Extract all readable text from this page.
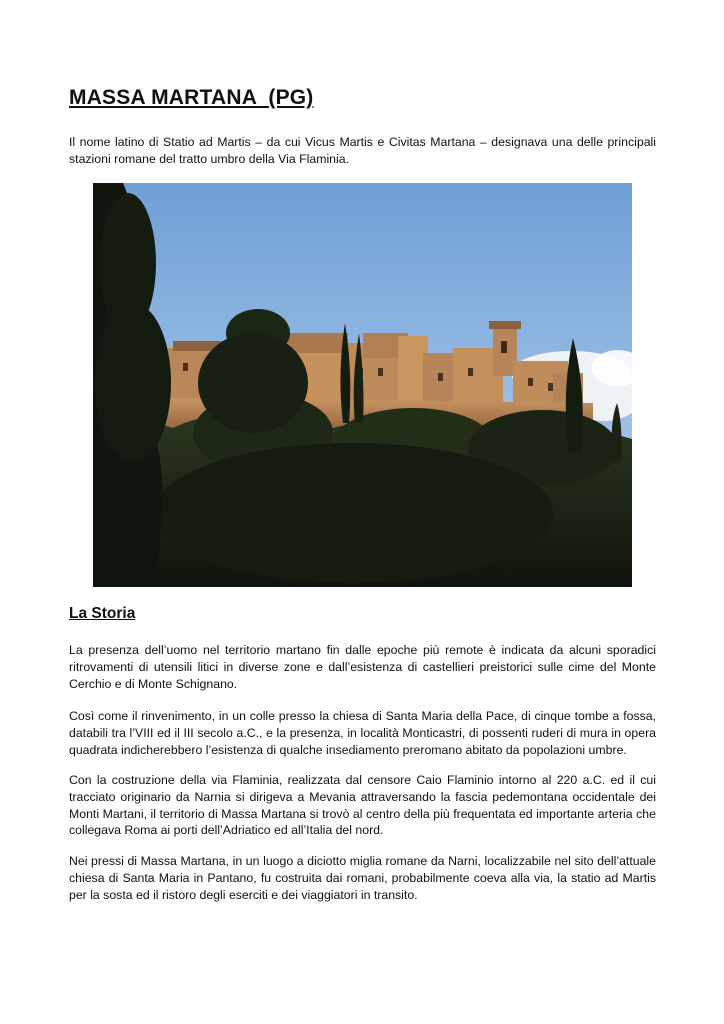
MASSA MARTANA  (PG)

Il nome latino di Statio ad Martis – da cui Vicus Martis e Civitas Martana – designava una delle principali stazioni romane del tratto umbro della Via Flaminia.

La Storia

La presenza dell’uomo nel territorio martano fin dalle epoche più remote è indicata da alcuni sporadici ritrovamenti di utensili litici in diverse zone e dall’esistenza di castellieri preistorici sulle cime del Monte Cerchio e di Monte Schignano.

Così come il rinvenimento, in un colle presso la chiesa di Santa Maria della Pace, di cinque tombe a fossa, databili tra l’VIII ed il III secolo a.C., e la presenza, in località Monticastri, di possenti ruderi di mura in opera quadrata indicherebbero l’esistenza di qualche insediamento preromano abitato da popolazioni umbre.

Con la costruzione della via Flaminia, realizzata dal censore Caio Flaminio intorno al 220 a.C. ed il cui tracciato originario da Narnia si dirigeva a Mevania attraversando la fascia pedemontana occidentale dei Monti Martani, il territorio di Massa Martana si trovò al centro della più frequentata ed importante arteria che collegava Roma ai porti dell’Adriatico ed all’Italia del nord.

Nei pressi di Massa Martana, in un luogo a diciotto miglia romane da Narni, localizzabile nel sito dell’attuale chiesa di Santa Maria in Pantano, fu costruita dai romani, probabilmente coeva alla via, la statio ad Martis per la sosta ed il ristoro degli eserciti e dei viaggiatori in transito.
